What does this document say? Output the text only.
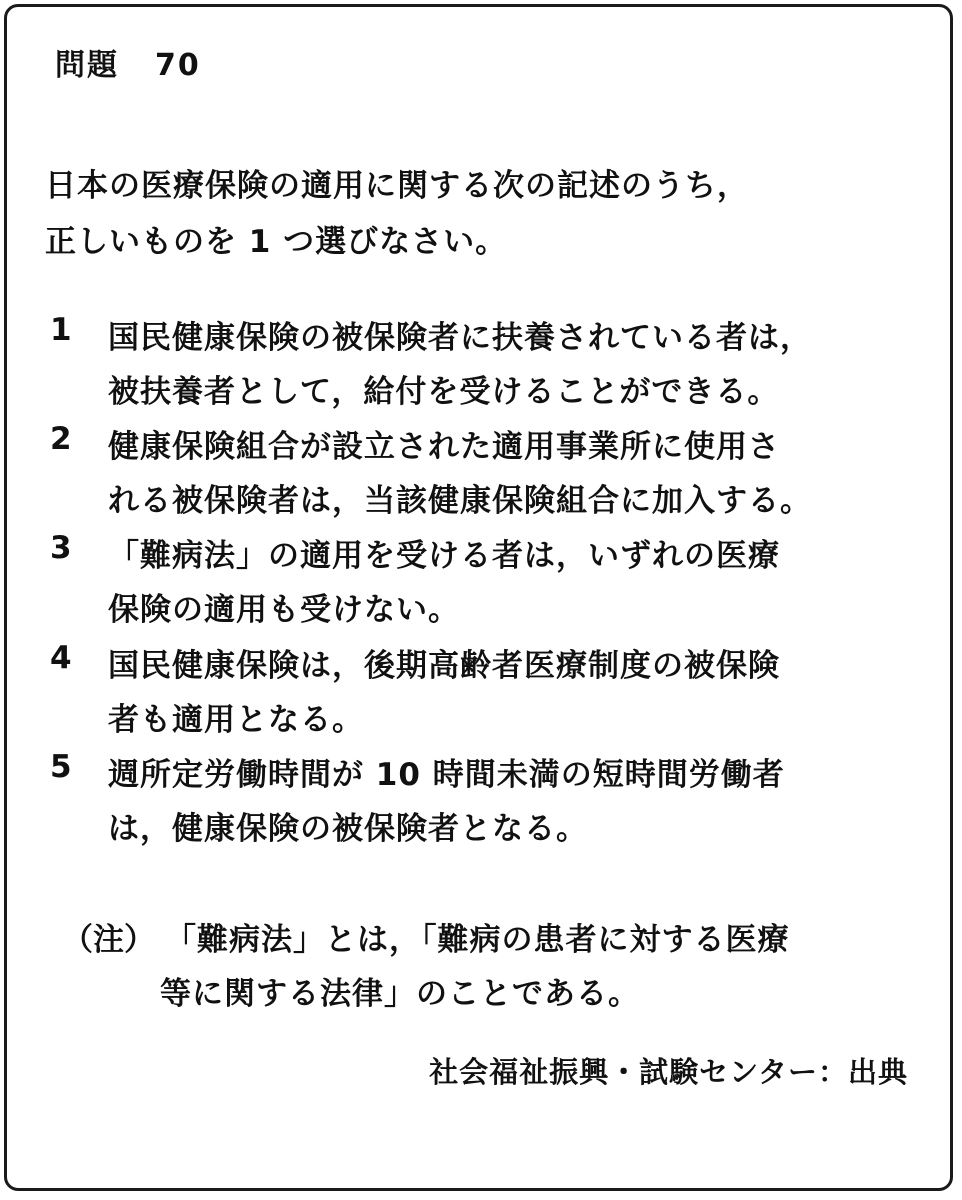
問題 70
日本の医療保険の適用に関する次の記述のうち，
正しいものを 1 つ選びなさい。
1 国民健康保険の被保険者に扶養されている者は，
被扶養者として，給付を受けることができる。
2 健康保険組合が設立された適用事業所に使用さ
れる被保険者は，当該健康保険組合に加入する。
3 「難病法」の適用を受ける者は，いずれの医療
保険の適用も受けない。
4 国民健康保険は，後期高齢者医療制度の被保険
者も適用となる。
5 週所定労働時間が 10 時間未満の短時間労働者
は，健康保険の被保険者となる。
（注） 「難病法」とは，「難病の患者に対する医療
等に関する法律」のことである。
社会福祉振興・試験センター：出典
